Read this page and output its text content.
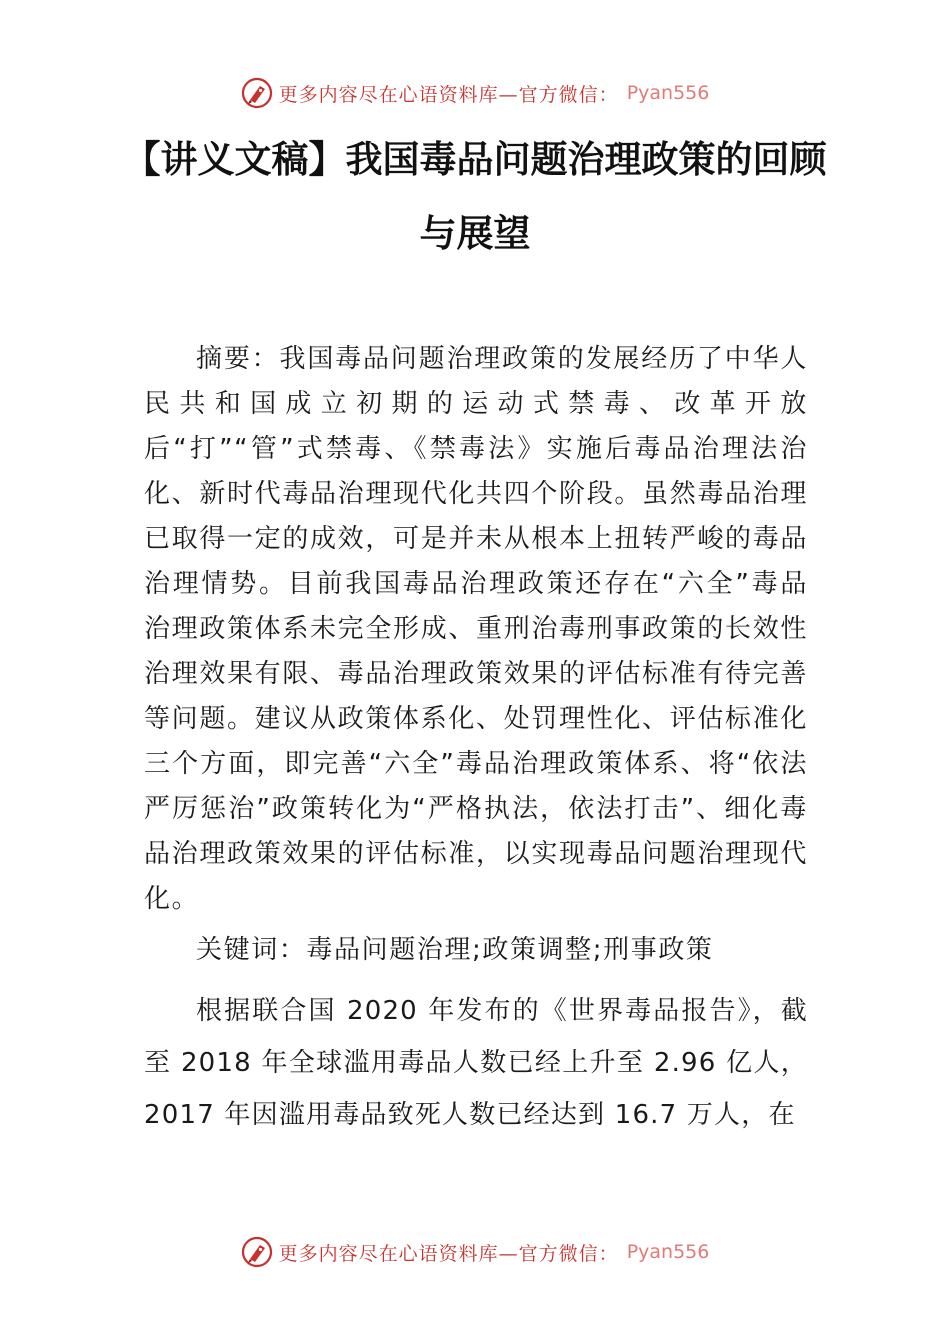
更多内容尽在心语资料库—官方微信： Pyan556
【讲义文稿】我国毒品问题治理政策的回顾与展望

摘要：我国毒品问题治理政策的发展经历了中华人民共和国成立初期的运动式禁毒、改革开放后“打”“管”式禁毒、《禁毒法》实施后毒品治理法治化、新时代毒品治理现代化共四个阶段。虽然毒品治理已取得一定的成效，可是并未从根本上扭转严峻的毒品治理情势。目前我国毒品治理政策还存在“六全”毒品治理政策体系未完全形成、重刑治毒刑事政策的长效性治理效果有限、毒品治理政策效果的评估标准有待完善等问题。建议从政策体系化、处罚理性化、评估标准化三个方面，即完善“六全”毒品治理政策体系、将“依法严厉惩治”政策转化为“严格执法，依法打击”、细化毒品治理政策效果的评估标准，以实现毒品问题治理现代化。

关键词：毒品问题治理;政策调整;刑事政策

根据联合国 2020 年发布的《世界毒品报告》，截至 2018 年全球滥用毒品人数已经上升至 2.96 亿人，2017 年因滥用毒品致死人数已经达到 16.7 万人，在

更多内容尽在心语资料库—官方微信： Pyan556
